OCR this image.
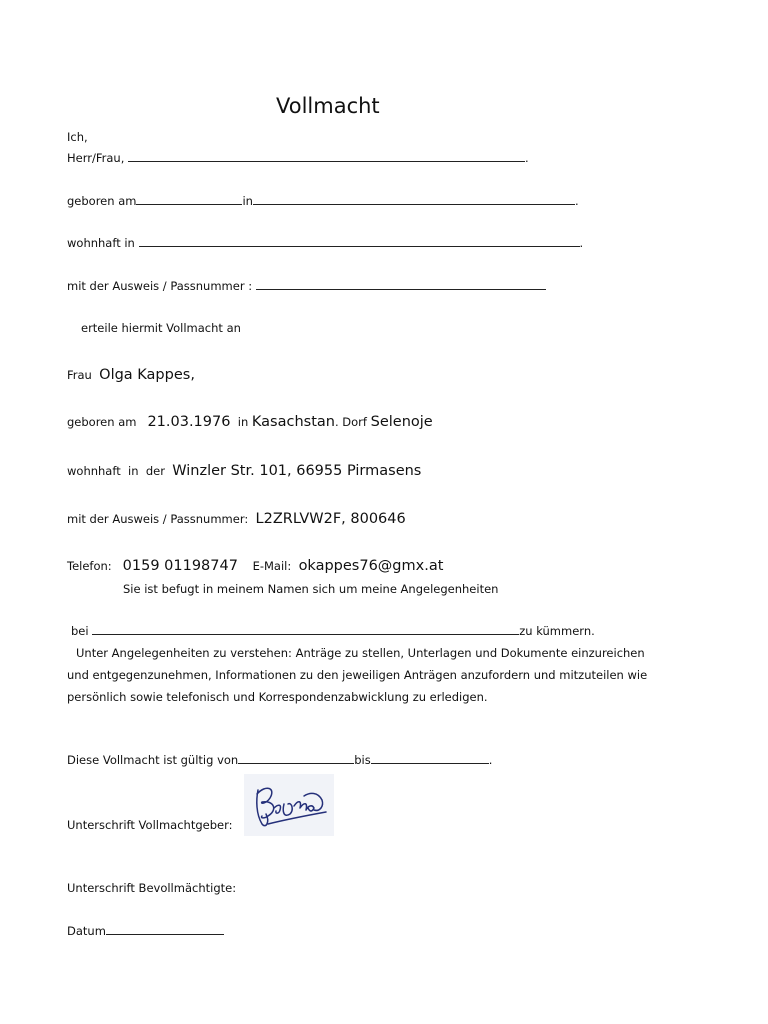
Vollmacht
Ich,
Herr/Frau,	.
geboren am	in	.
wohnhaft in	.
mit der Ausweis / Passnummer :
erteile hiermit Vollmacht an
Frau Olga Kappes,
geboren am 21.03.1976 in Kasachstan. Dorf Selenoje
wohnhaft  in  der Winzler Str. 101, 66955 Pirmasens
mit der Ausweis / Passnummer: L2ZRLVW2F, 800646
Telefon: 0159 01198747 E-Mail: okappes76@gmx.at
Sie ist befugt in meinem Namen sich um meine Angelegenheiten
bei	zu kümmern.
Unter Angelegenheiten zu verstehen: Anträge zu stellen, Unterlagen und Dokumente einzureichen
und entgegenzunehmen, Informationen zu den jeweiligen Anträgen anzufordern und mitzuteilen wie
persönlich sowie telefonisch und Korrespondenzabwicklung zu erledigen.
Diese Vollmacht ist gültig von	bis	.
Unterschrift Vollmachtgeber:
Unterschrift Bevollmächtigte:
Datum
